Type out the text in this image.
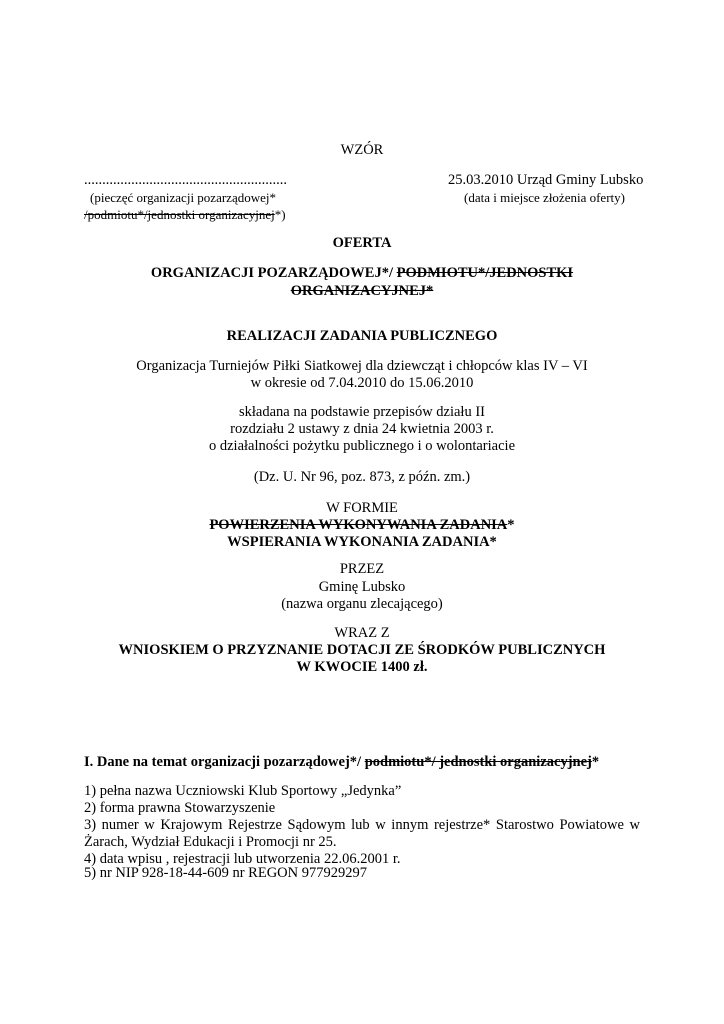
WZÓR
........................................................
(pieczęć organizacji pozarządowej*
/podmiotu*/jednostki organizacyjnej*)
25.03.2010 Urząd Gminy Lubsko
(data i miejsce złożenia oferty)
OFERTA
ORGANIZACJI POZARZĄDOWEJ*/ PODMIOTU*/JEDNOSTKI
ORGANIZACYJNEJ*
REALIZACJI ZADANIA PUBLICZNEGO
Organizacja Turniejów Piłki Siatkowej dla dziewcząt i chłopców klas IV – VI
w okresie od 7.04.2010 do 15.06.2010
składana na podstawie przepisów działu II
rozdziału 2 ustawy z dnia 24 kwietnia 2003 r.
o działalności pożytku publicznego i o wolontariacie
(Dz. U. Nr 96, poz. 873, z późn. zm.)
W FORMIE
POWIERZENIA WYKONYWANIA ZADANIA*
WSPIERANIA WYKONANIA ZADANIA*
PRZEZ
Gminę Lubsko
(nazwa organu zlecającego)
WRAZ Z
WNIOSKIEM O PRZYZNANIE DOTACJI ZE ŚRODKÓW PUBLICZNYCH
W KWOCIE 1400 zł.
I. Dane na temat organizacji pozarządowej*/ podmiotu*/ jednostki organizacyjnej*
1) pełna nazwa Uczniowski Klub Sportowy „Jedynka”
2) forma prawna Stowarzyszenie
3) numer w Krajowym Rejestrze Sądowym lub w innym rejestrze* Starostwo Powiatowe w
Żarach, Wydział Edukacji i Promocji nr 25.
4) data wpisu , rejestracji lub utworzenia 22.06.2001 r.
5) nr NIP 928-18-44-609 nr REGON 977929297
